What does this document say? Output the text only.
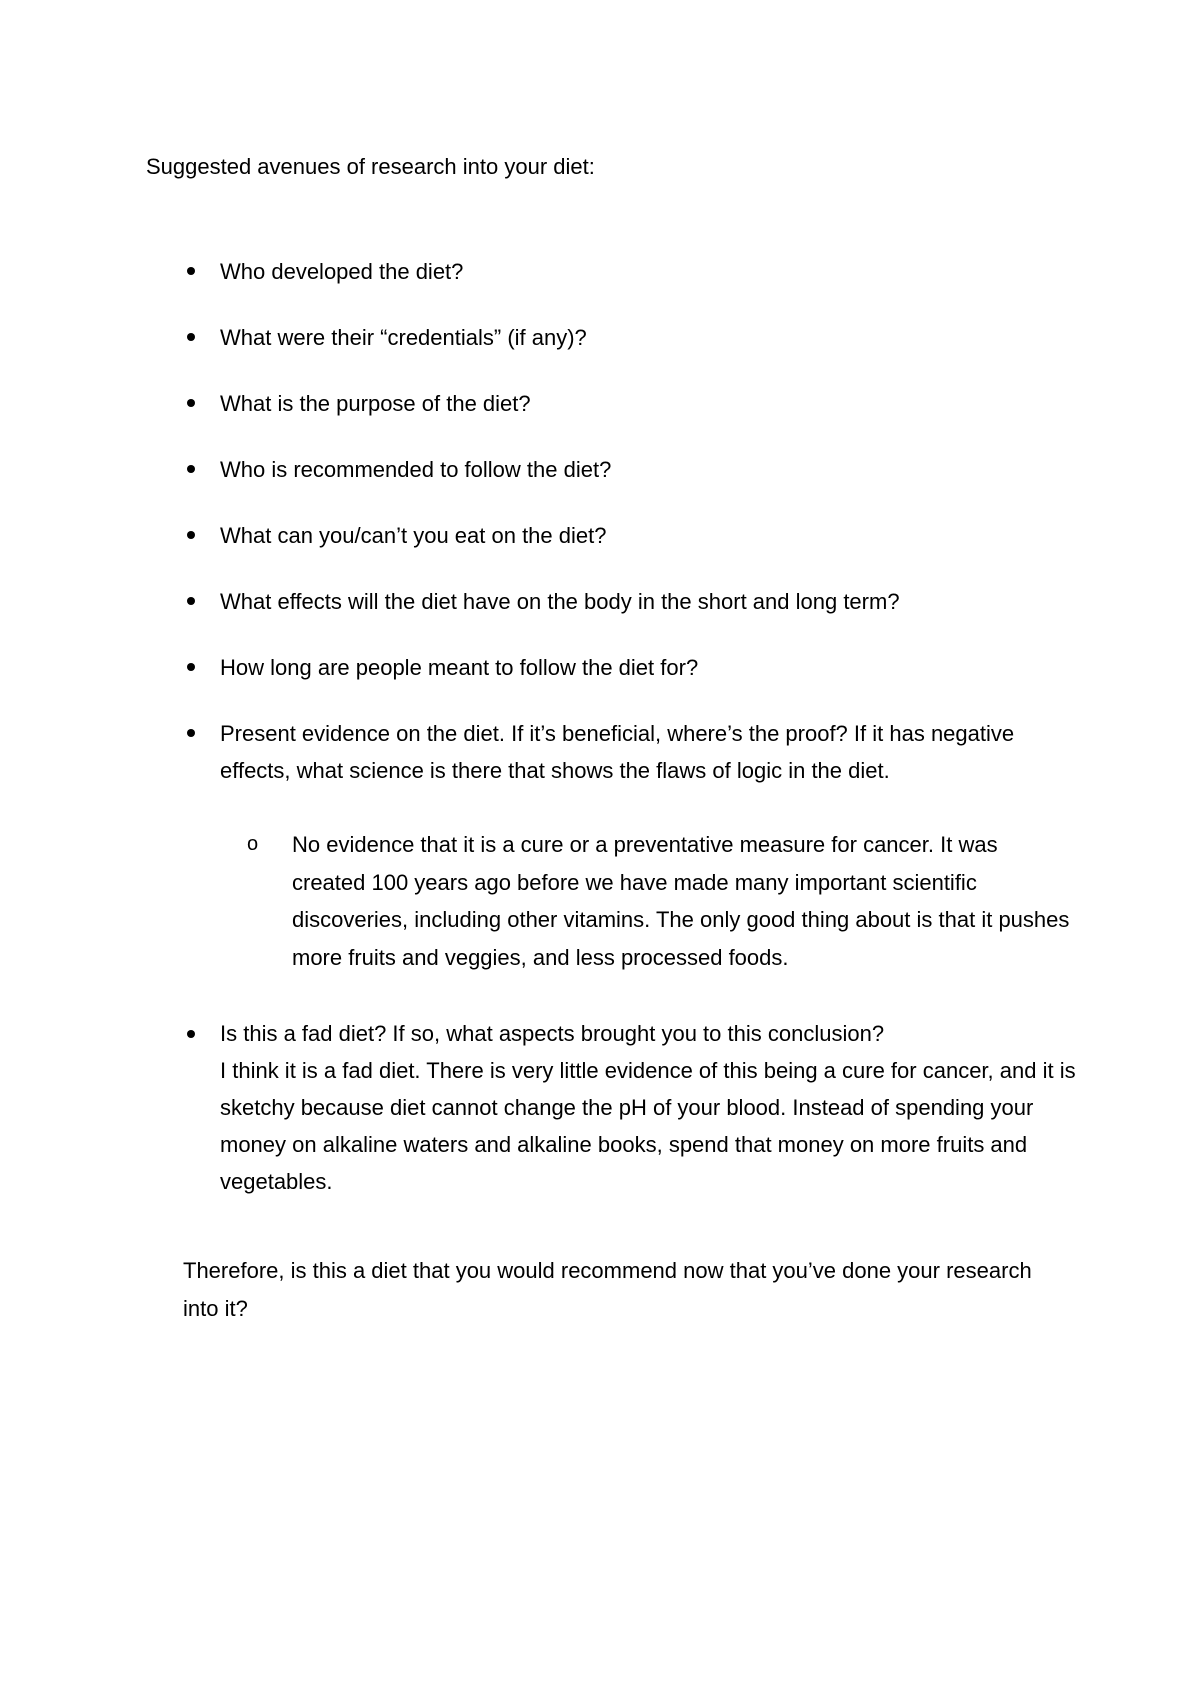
Suggested avenues of research into your diet:
Who developed the diet?
What were their “credentials” (if any)?
What is the purpose of the diet?
Who is recommended to follow the diet?
What can you/can’t you eat on the diet?
What effects will the diet have on the body in the short and long term?
How long are people meant to follow the diet for?
Present evidence on the diet. If it’s beneficial, where’s the proof? If it has negative effects, what science is there that shows the flaws of logic in the diet.
o No evidence that it is a cure or a preventative measure for cancer. It was created 100 years ago before we have made many important scientific discoveries, including other vitamins. The only good thing about is that it pushes more fruits and veggies, and less processed foods.
Is this a fad diet? If so, what aspects brought you to this conclusion?
I think it is a fad diet. There is very little evidence of this being a cure for cancer, and it is sketchy because diet cannot change the pH of your blood. Instead of spending your money on alkaline waters and alkaline books, spend that money on more fruits and vegetables.
Therefore, is this a diet that you would recommend now that you’ve done your research into it?
